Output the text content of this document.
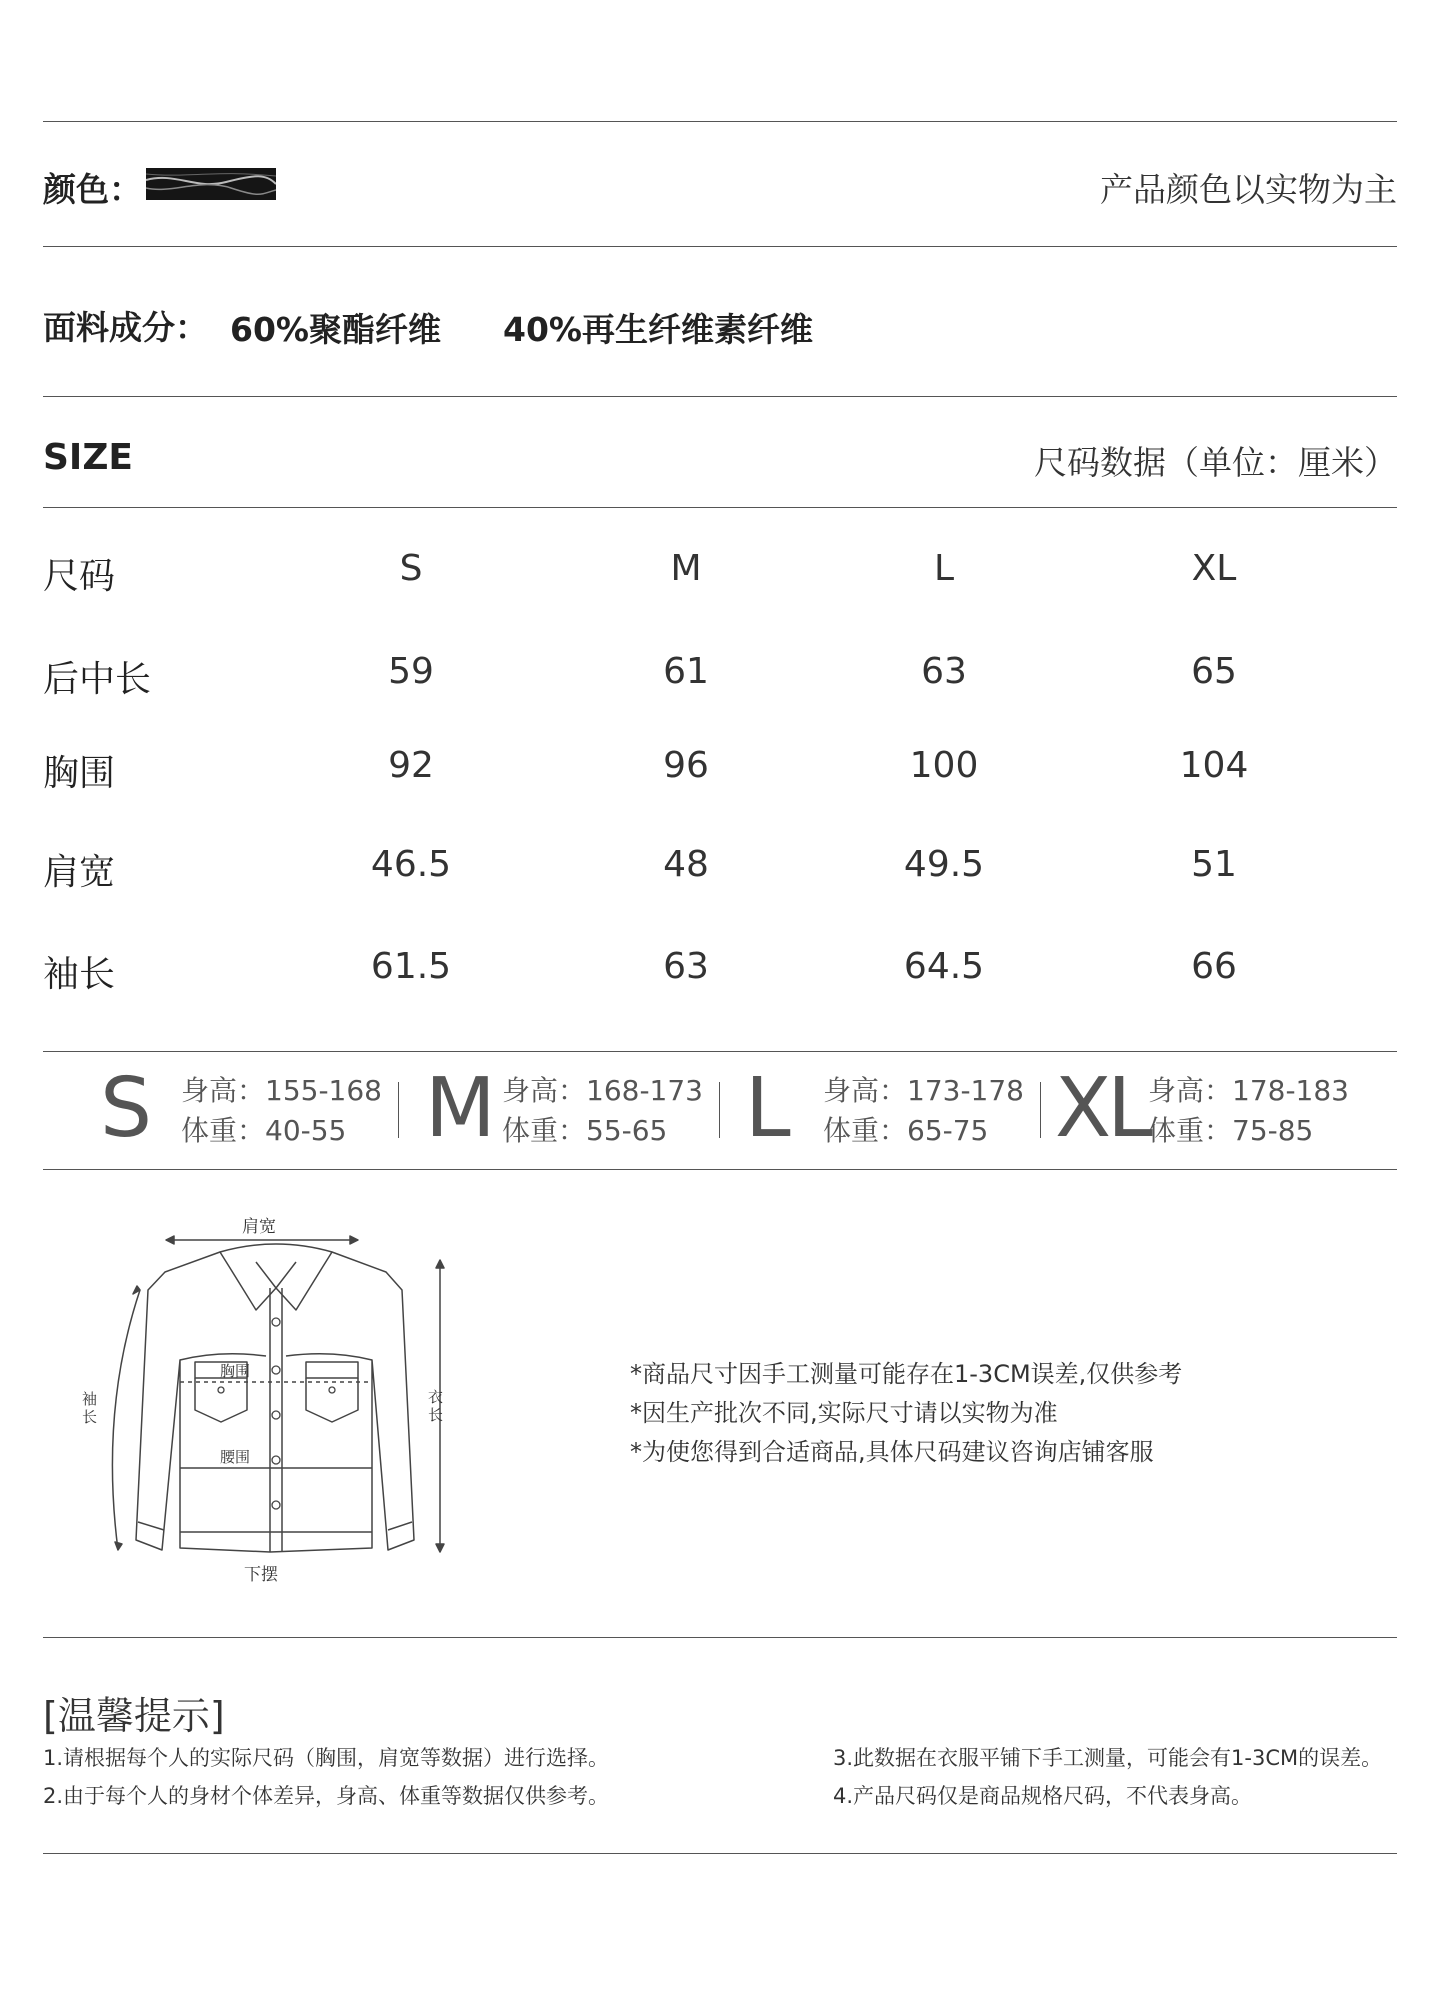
颜色：	产品颜色以实物为主
面料成分： 60%聚酯纤维 40%再生纤维素纤维
SIZE	尺码数据（单位：厘米）
尺码	S	M	L	XL
后中长	59	61	63	65
胸围	92	96	100	104
肩宽	46.5	48	49.5	51
袖长	61.5	63	64.5	66
S 身高：155-168
体重：40-55 M 身高：168-173
体重：55-65 L 身高：173-178
体重：65-75 XL 身高：178-183
体重：75-85
肩宽
胸围
腰围
下摆
袖
长
衣
长
*商品尺寸因手工测量可能存在1-3CM误差,仅供参考
*因生产批次不同,实际尺寸请以实物为准
*为使您得到合适商品,具体尺码建议咨询店铺客服
[温馨提示]
1.请根据每个人的实际尺码（胸围，肩宽等数据）进行选择。
2.由于每个人的身材个体差异，身高、体重等数据仅供参考。
3.此数据在衣服平铺下手工测量，可能会有1-3CM的误差。
4.产品尺码仅是商品规格尺码，不代表身高。
